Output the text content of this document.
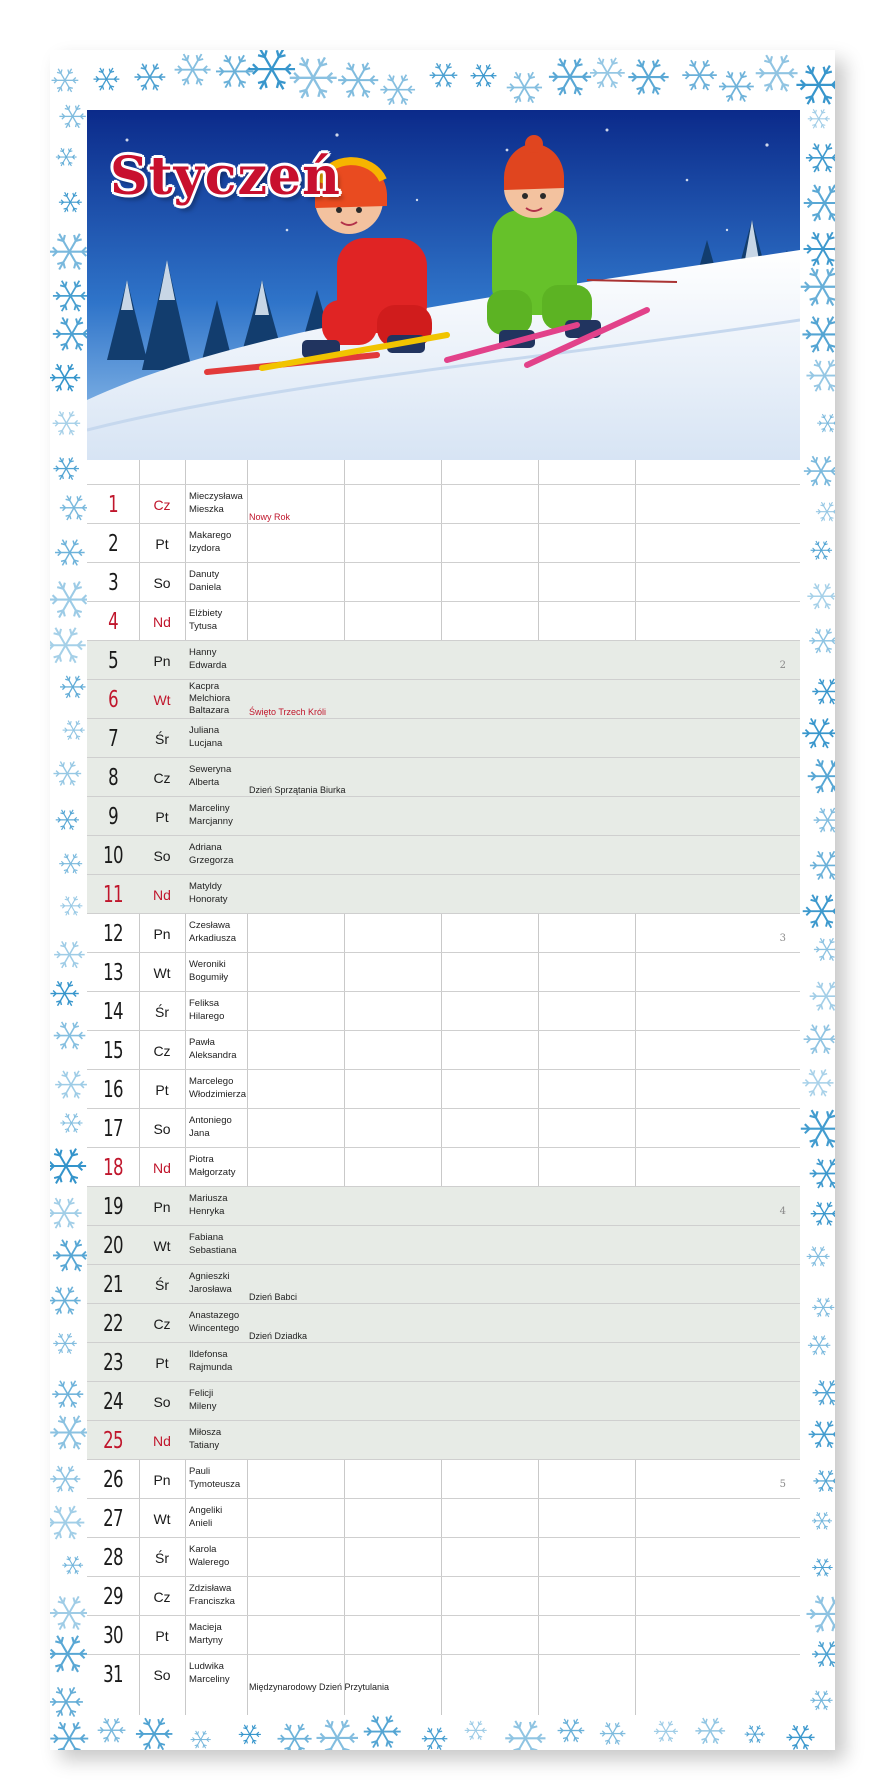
Styczeń
1	Cz	Mieczysława
Mieszka
Nowy Rok
2	Pt	Makarego
Izydora
3	So	Danuty
Daniela
4	Nd	Elżbiety
Tytusa
5	Pn	Hanny
Edwarda
6	Wt
Kacpra
Melchiora
Baltazara	Święto Trzech Króli
7	Śr	Juliana
Lucjana
8	Cz	Seweryna
Alberta
Dzień Sprzątania Biurka
9	Pt	Marceliny
Marcjanny
10	So	Adriana
Grzegorza
11	Nd	Matyldy
Honoraty
12	Pn	Czesława
Arkadiusza
13	Wt	Weroniki
Bogumiły
14	Śr	Feliksa
Hilarego
15	Cz	Pawła
Aleksandra
16	Pt	Marcelego
Włodzimierza
17	So	Antoniego
Jana
18	Nd	Piotra
Małgorzaty
19	Pn	Mariusza
Henryka
20	Wt	Fabiana
Sebastiana
21	Śr	Agnieszki
Jarosława
Dzień Babci
22	Cz	Anastazego
Wincentego
Dzień Dziadka
23	Pt	Ildefonsa
Rajmunda
24	So	Felicji
Mileny
25	Nd	Miłosza
Tatiany
26	Pn	Pauli
Tymoteusza
27	Wt	Angeliki
Anieli
28	Śr	Karola
Walerego
29	Cz	Zdzisława
Franciszka
30	Pt	Macieja
Martyny
31	So	Ludwika
Marceliny
Międzynarodowy Dzień Przytulania
2
3
4
5
